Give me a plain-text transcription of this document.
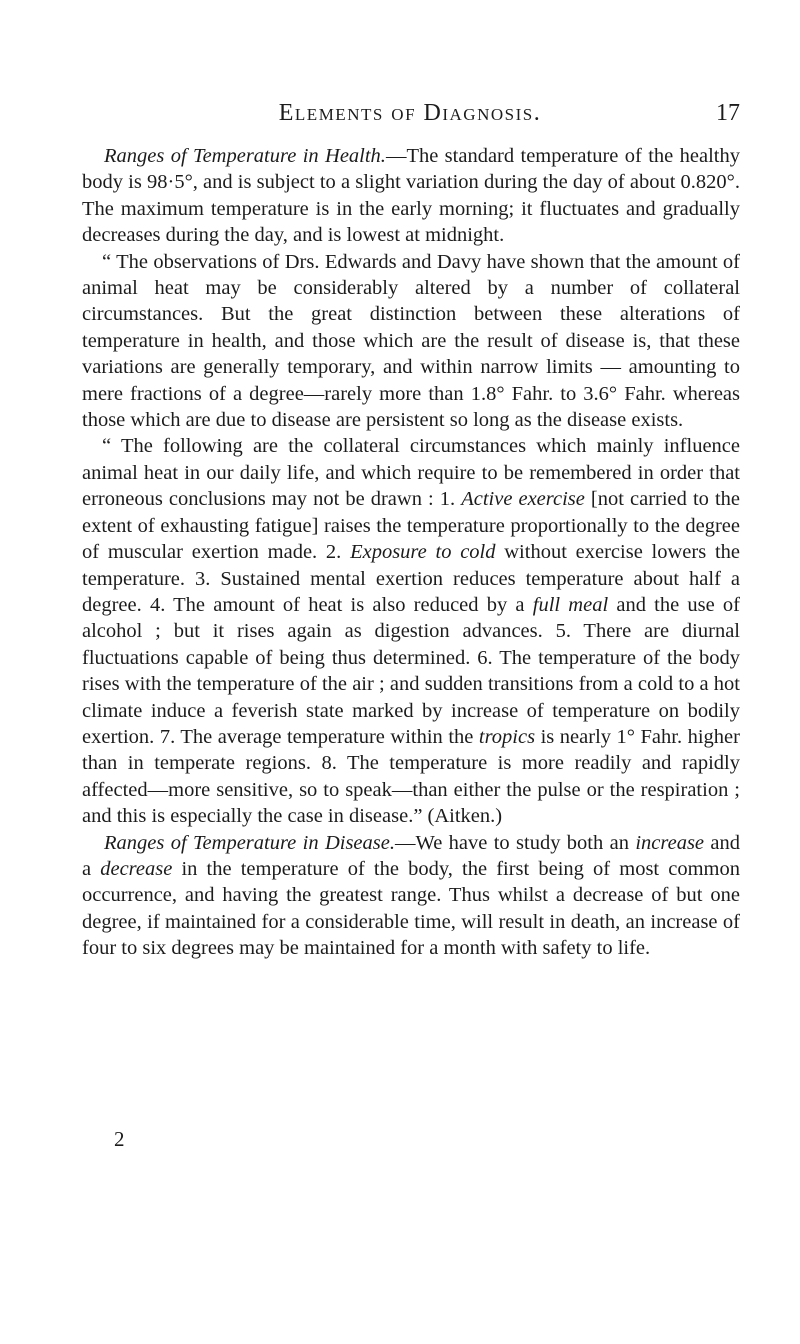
Elements of Diagnosis.	17

Ranges of Temperature in Health.—The standard temperature of the healthy body is 98·5°, and is subject to a slight variation during the day of about 0.820°. The maximum temperature is in the early morning; it fluctuates and gradually decreases during the day, and is lowest at midnight.

“ The observations of Drs. Edwards and Davy have shown that the amount of animal heat may be considerably altered by a number of collateral circumstances. But the great distinction between these alterations of temperature in health, and those which are the result of disease is, that these variations are generally temporary, and within narrow limits — amounting to mere fractions of a degree—rarely more than 1.8° Fahr. to 3.6° Fahr. whereas those which are due to disease are persistent so long as the disease exists.

“ The following are the collateral circumstances which mainly influence animal heat in our daily life, and which require to be remembered in order that erroneous conclusions may not be drawn : 1. Active exercise [not carried to the extent of exhausting fatigue] raises the temperature proportionally to the degree of muscular exertion made. 2. Exposure to cold without exercise lowers the temperature. 3. Sustained mental exertion reduces temperature about half a degree. 4. The amount of heat is also reduced by a full meal and the use of alcohol ; but it rises again as digestion advances. 5. There are diurnal fluctuations capable of being thus determined. 6. The temperature of the body rises with the temperature of the air ; and sudden transitions from a cold to a hot climate induce a feverish state marked by increase of temperature on bodily exertion. 7. The average temperature within the tropics is nearly 1° Fahr. higher than in temperate regions. 8. The temperature is more readily and rapidly affected—more sensitive, so to speak—than either the pulse or the respiration ; and this is especially the case in disease.” (Aitken.)

Ranges of Temperature in Disease.—We have to study both an increase and a decrease in the temperature of the body, the first being of most common occurrence, and having the greatest range. Thus whilst a decrease of but one degree, if maintained for a considerable time, will result in death, an increase of four to six degrees may be maintained for a month with safety to life.

2
